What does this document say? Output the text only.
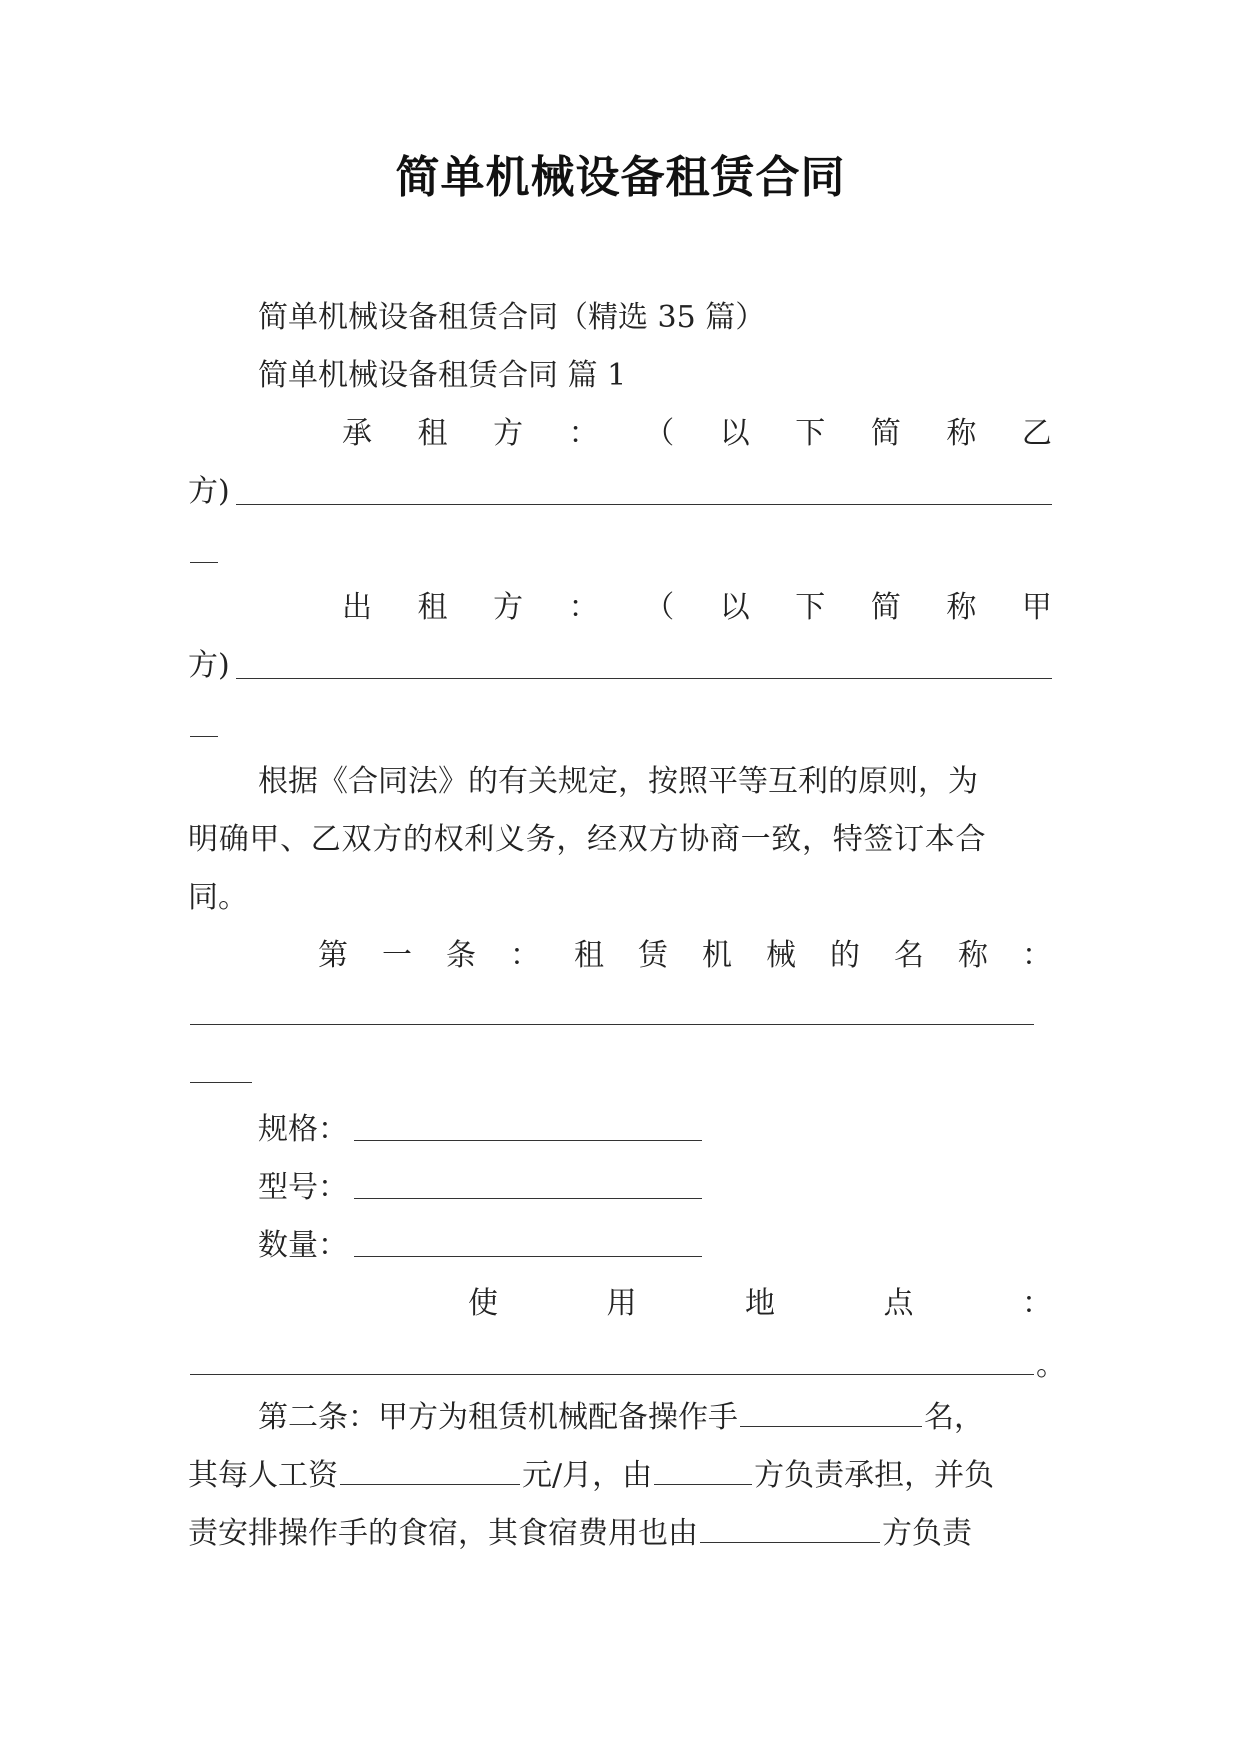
简单机械设备租赁合同
简单机械设备租赁合同（精选 35 篇）
简单机械设备租赁合同 篇 1
承 租 方 ： （ 以 下 简 称 乙
方)
出 租 方 ： （ 以 下 简 称 甲
方)
根据《合同法》的有关规定，按照平等互利的原则，为
明确甲、乙双方的权利义务，经双方协商一致，特签订本合
同。
第 一 条 ： 租 赁 机 械 的 名 称 ：
规格：
型号：
数量：
使	用	地	点	：
。
第二条：甲方为租赁机械配备操作手	名，
其每人工资	元/月，由	方负责承担，并负
责安排操作手的食宿，其食宿费用也由	方负责
